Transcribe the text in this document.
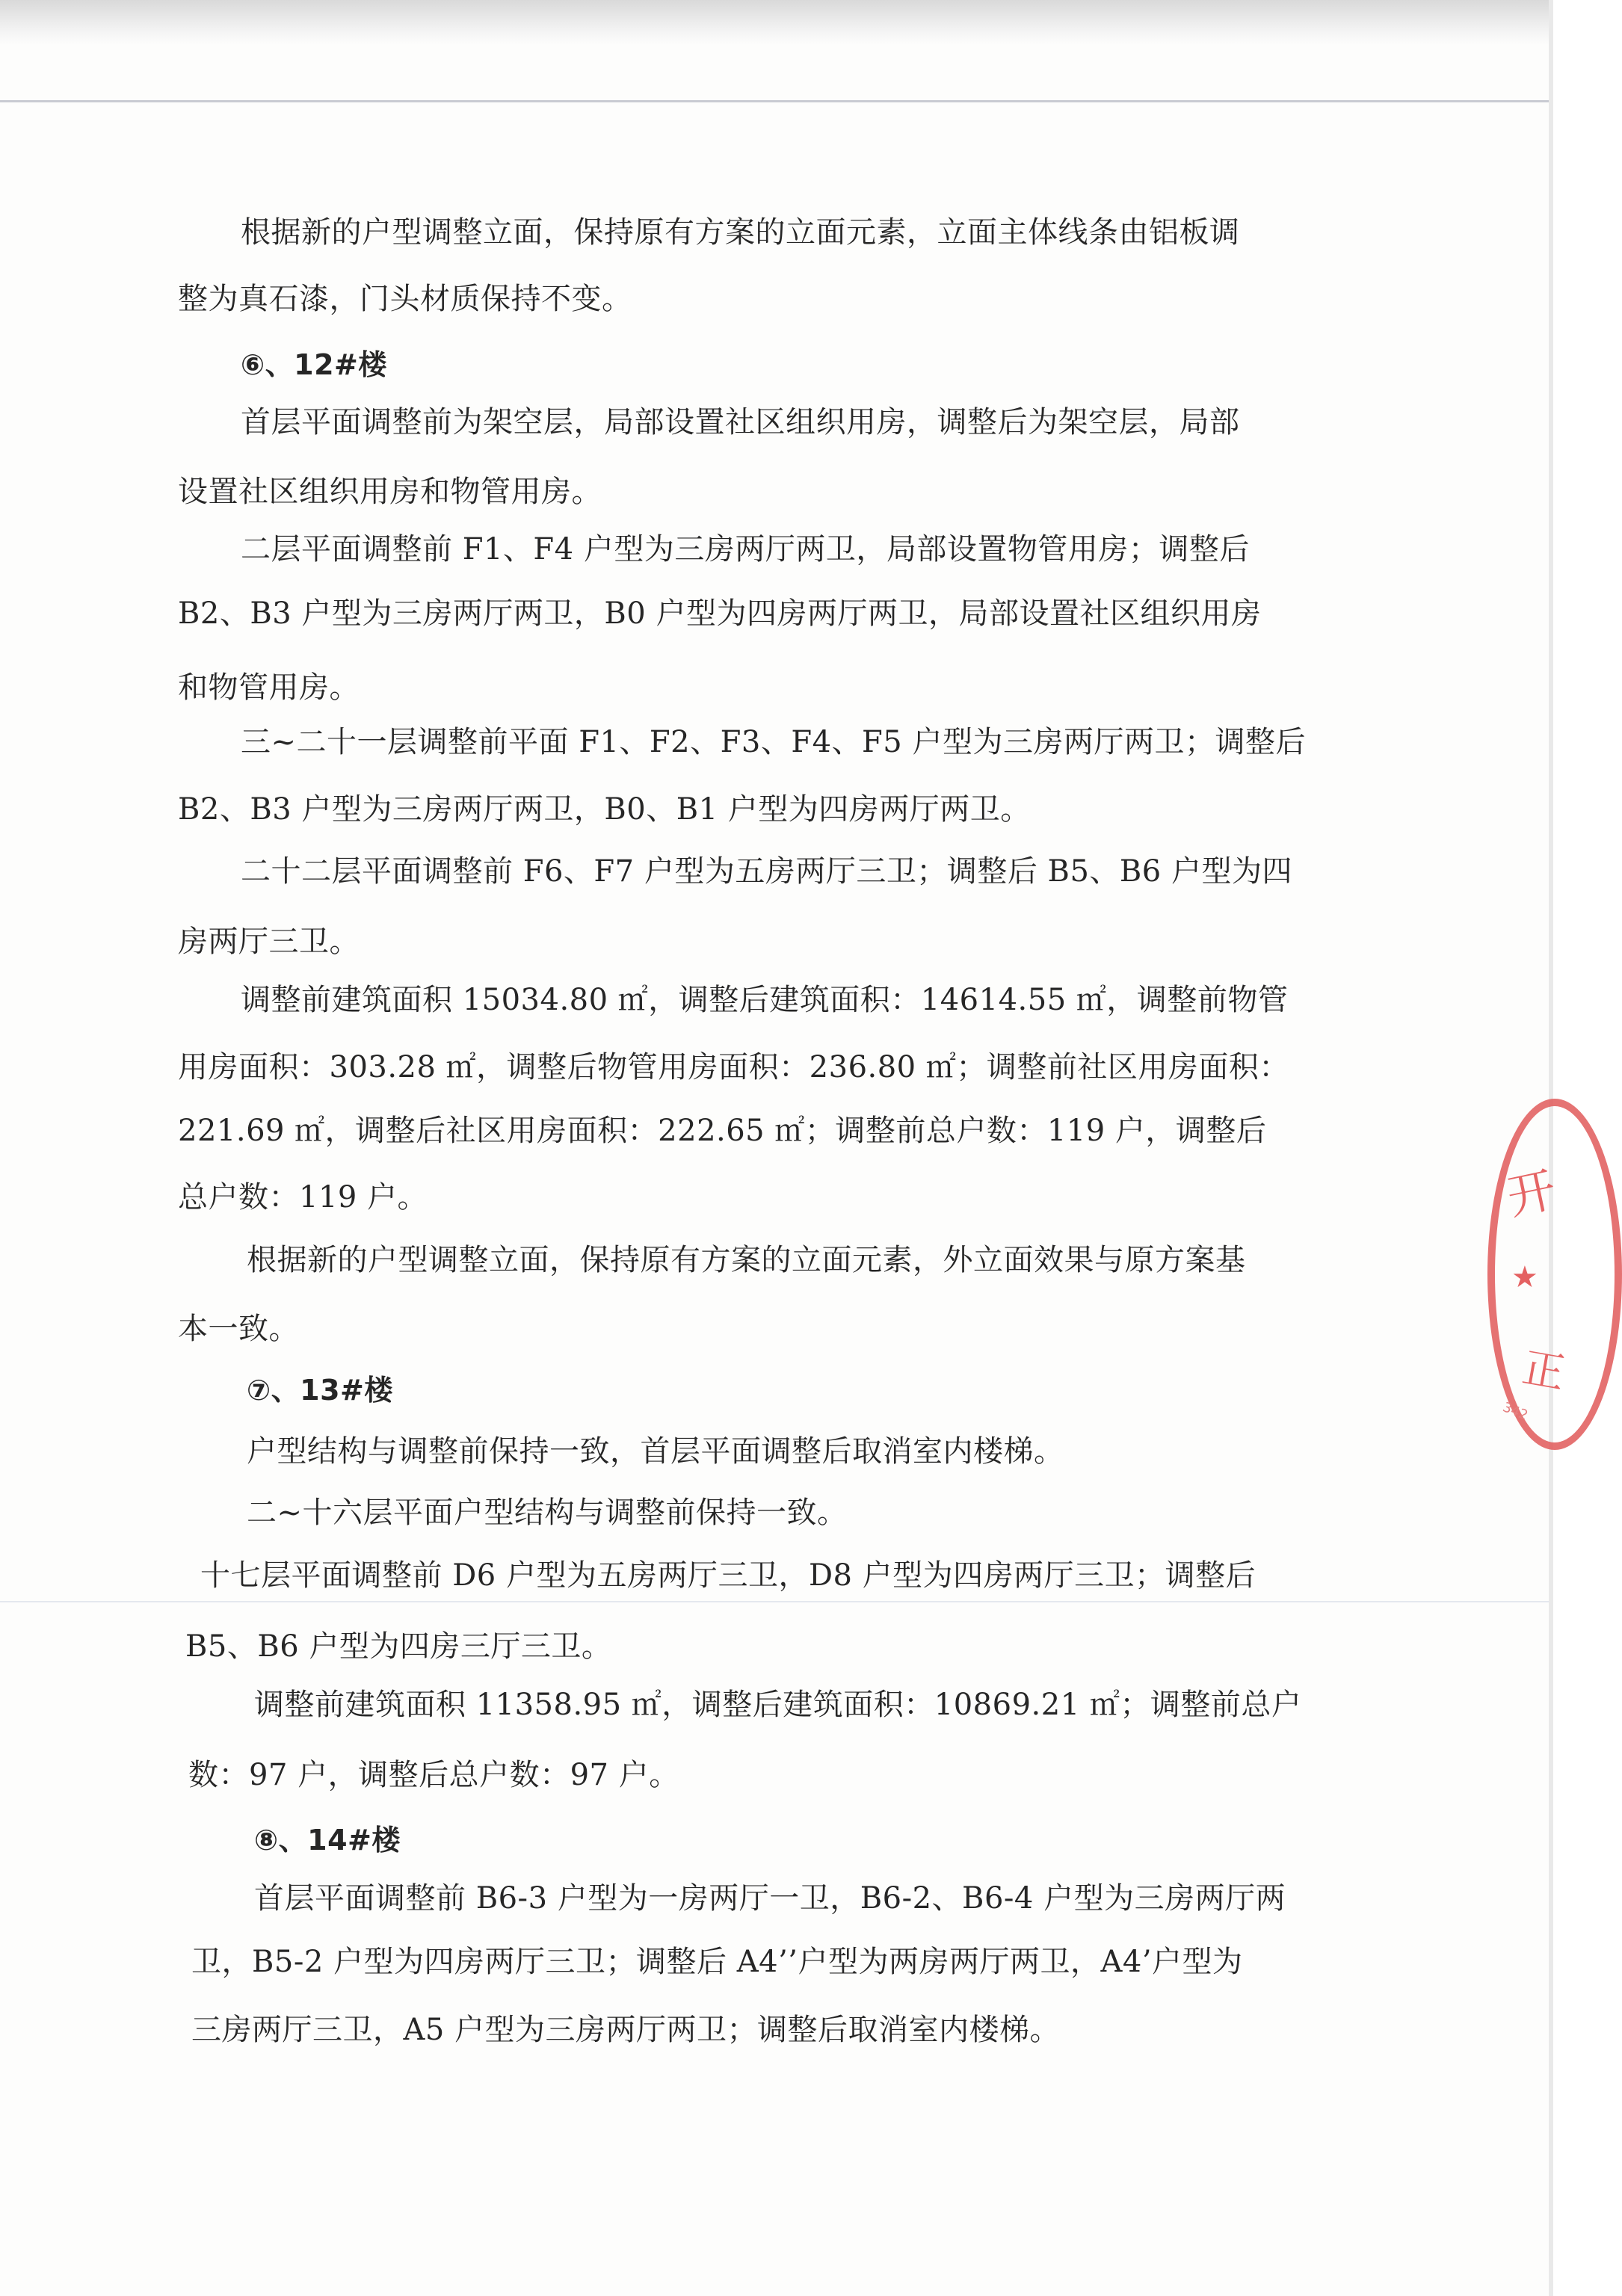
根据新的户型调整立面，保持原有方案的立面元素，立面主体线条由铝板调

整为真石漆，门头材质保持不变。

⑥、12#楼

首层平面调整前为架空层，局部设置社区组织用房，调整后为架空层，局部

设置社区组织用房和物管用房。

二层平面调整前 F1、F4 户型为三房两厅两卫，局部设置物管用房；调整后

B2、B3 户型为三房两厅两卫，B0 户型为四房两厅两卫，局部设置社区组织用房

和物管用房。

三~二十一层调整前平面 F1、F2、F3、F4、F5 户型为三房两厅两卫；调整后

B2、B3 户型为三房两厅两卫，B0、B1 户型为四房两厅两卫。

二十二层平面调整前 F6、F7 户型为五房两厅三卫；调整后 B5、B6 户型为四

房两厅三卫。

调整前建筑面积 15034.80 ㎡，调整后建筑面积：14614.55 ㎡，调整前物管

用房面积：303.28 ㎡，调整后物管用房面积：236.80 ㎡；调整前社区用房面积：

221.69 ㎡，调整后社区用房面积：222.65 ㎡；调整前总户数：119 户，调整后

总户数：119 户。

根据新的户型调整立面，保持原有方案的立面元素，外立面效果与原方案基

本一致。

⑦、13#楼

户型结构与调整前保持一致，首层平面调整后取消室内楼梯。

二~十六层平面户型结构与调整前保持一致。

十七层平面调整前 D6 户型为五房两厅三卫，D8 户型为四房两厅三卫；调整后

B5、B6 户型为四房三厅三卫。

调整前建筑面积 11358.95 ㎡，调整后建筑面积：10869.21 ㎡；调整前总户

数：97 户，调整后总户数：97 户。

⑧、14#楼

首层平面调整前 B6-3 户型为一房两厅一卫，B6-2、B6-4 户型为三房两厅两

卫，B5-2 户型为四房两厅三卫；调整后 A4’’户型为两房两厅两卫，A4’户型为

三房两厅三卫，A5 户型为三房两厅两卫；调整后取消室内楼梯。

开
★
正
342
